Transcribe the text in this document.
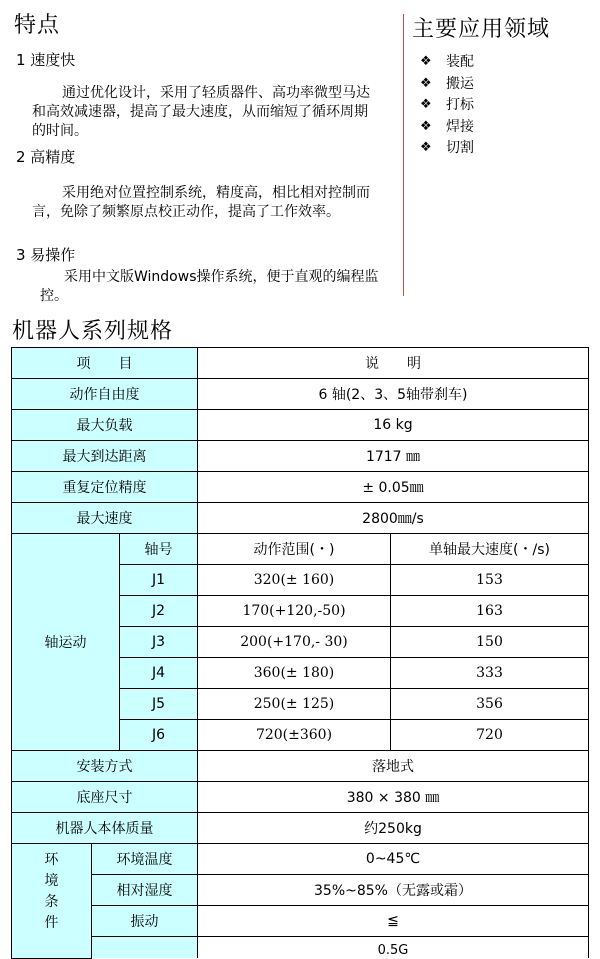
特点
1 速度快
通过优化设计，采用了轻质器件、高功率微型马达和高效减速器，提高了最大速度，从而缩短了循环周期的时间。
2 高精度
采用绝对位置控制系统，精度高，相比相对控制而言，免除了频繁原点校正动作，提高了工作效率。
3 易操作
采用中文版Windows操作系统，便于直观的编程监控。
主要应用领域
❖	装配
❖	搬运
❖	打标
❖	焊接
❖	切割
机器人系列规格
项　　目			说　　明	
动作自由度			6 轴(2、3、5轴带刹车)	
最大负载			16 kg	
最大到达距离			1717 ㎜	
重复定位精度			± 0.05㎜	
最大速度			2800㎜/s	
轴运动		轴号	动作范围(・)	单轴最大速度(・/s)
		J1	320(± 160)	153
		J2	170(+120,-50)	163
		J3	200(+170,- 30)	150
		J4	360(± 180)	333
		J5	250(± 125)	356
		J6	720(±360)	720
安装方式			落地式	
底座尺寸			380 × 380 ㎜	
机器人本体质量			约250kg	
环境条件	环境温度		0~45℃	
	相对湿度		35%~85%（无露或霜）	
	振动		≦	
			0.5G	
